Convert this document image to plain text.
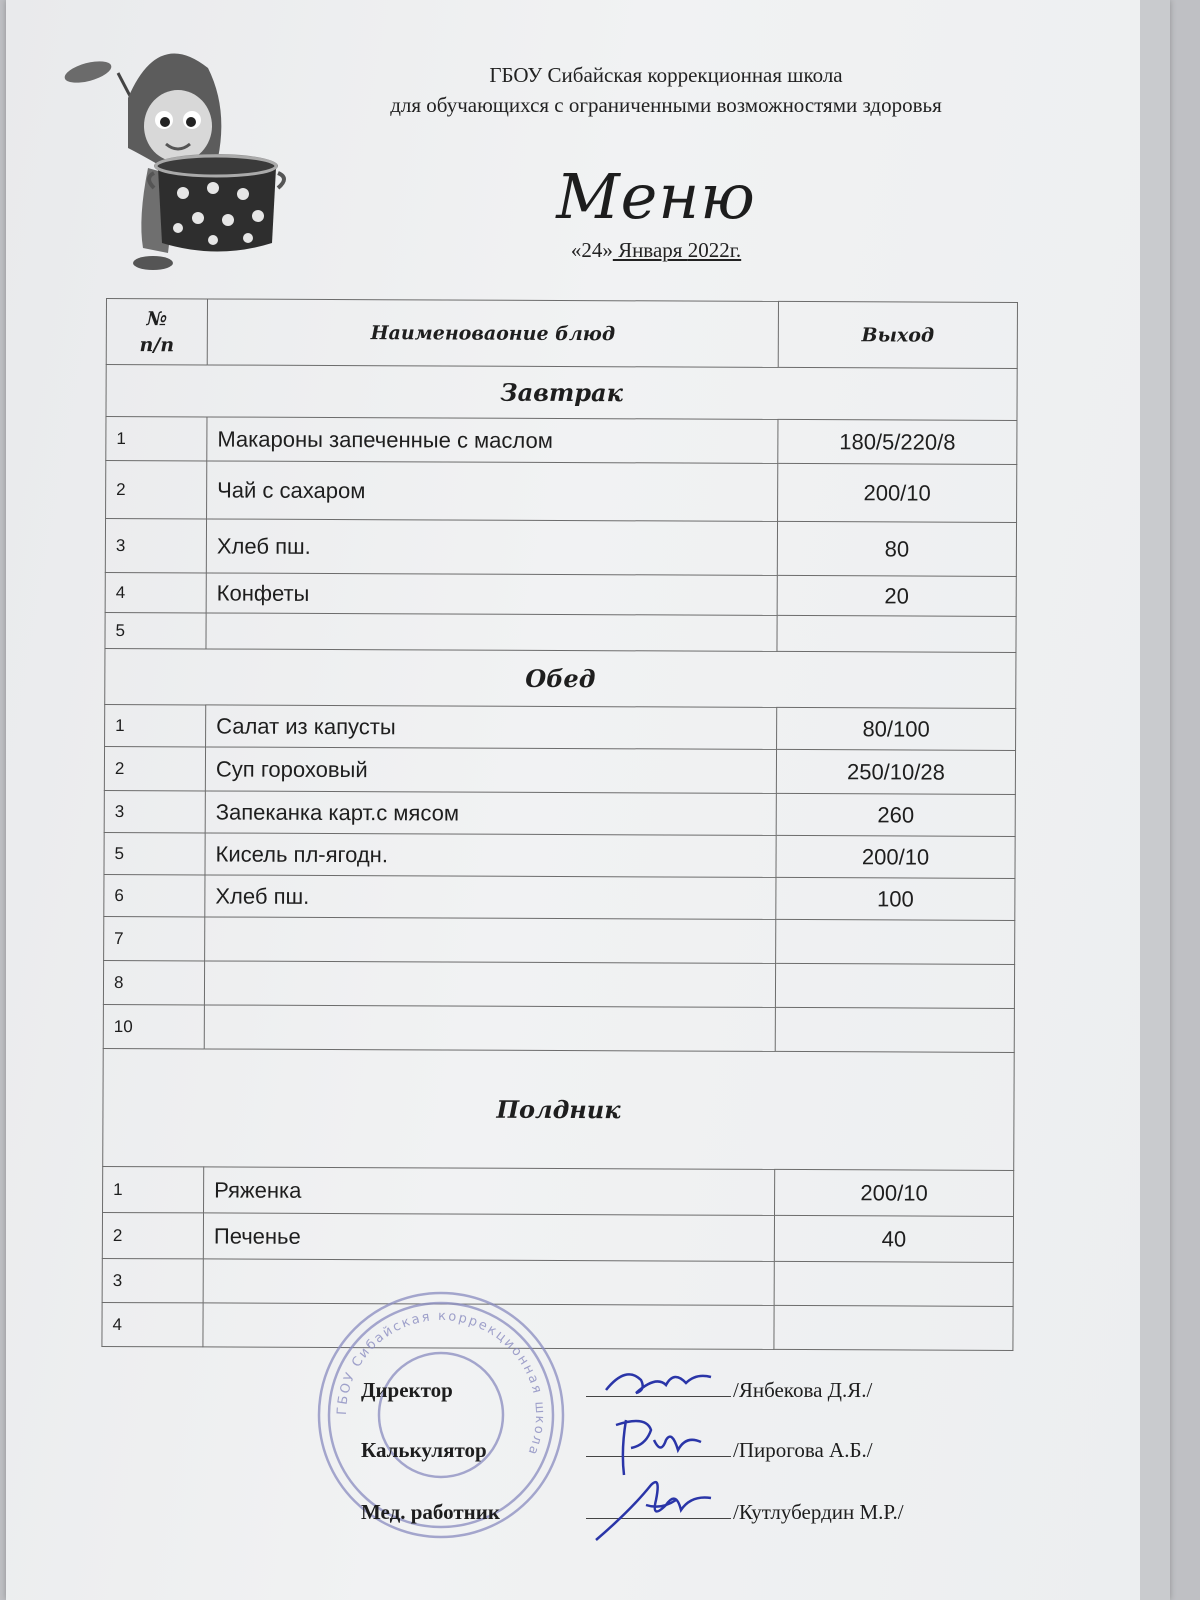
ГБОУ Сибайская коррекционная школа
для обучающихся с ограниченными возможностями здоровья
Меню
«24» Января 2022г.
№
п/п	Наименоваоние блюд	Выход
Завтрак		
1	Макароны запеченные с маслом	180/5/220/8
2	Чай с сахаром	200/10
3	Хлеб пш.	80
4	Конфеты	20
5		
Обед		
1	Салат из капусты	80/100
2	Суп гороховый	250/10/28
3	Запеканка карт.с мясом	260
5	Кисель пл-ягодн.	200/10
6	Хлеб пш.	100
7		
8		
10		
Полдник		
1	Ряженка	200/10
2	Печенье	40
3		
4		
ГБОУ Сибайская коррекционная школа
Директор	/Янбекова Д.Я./
Калькулятор	/Пирогова А.Б./
Мед. работник	/Кутлубердин М.Р./
